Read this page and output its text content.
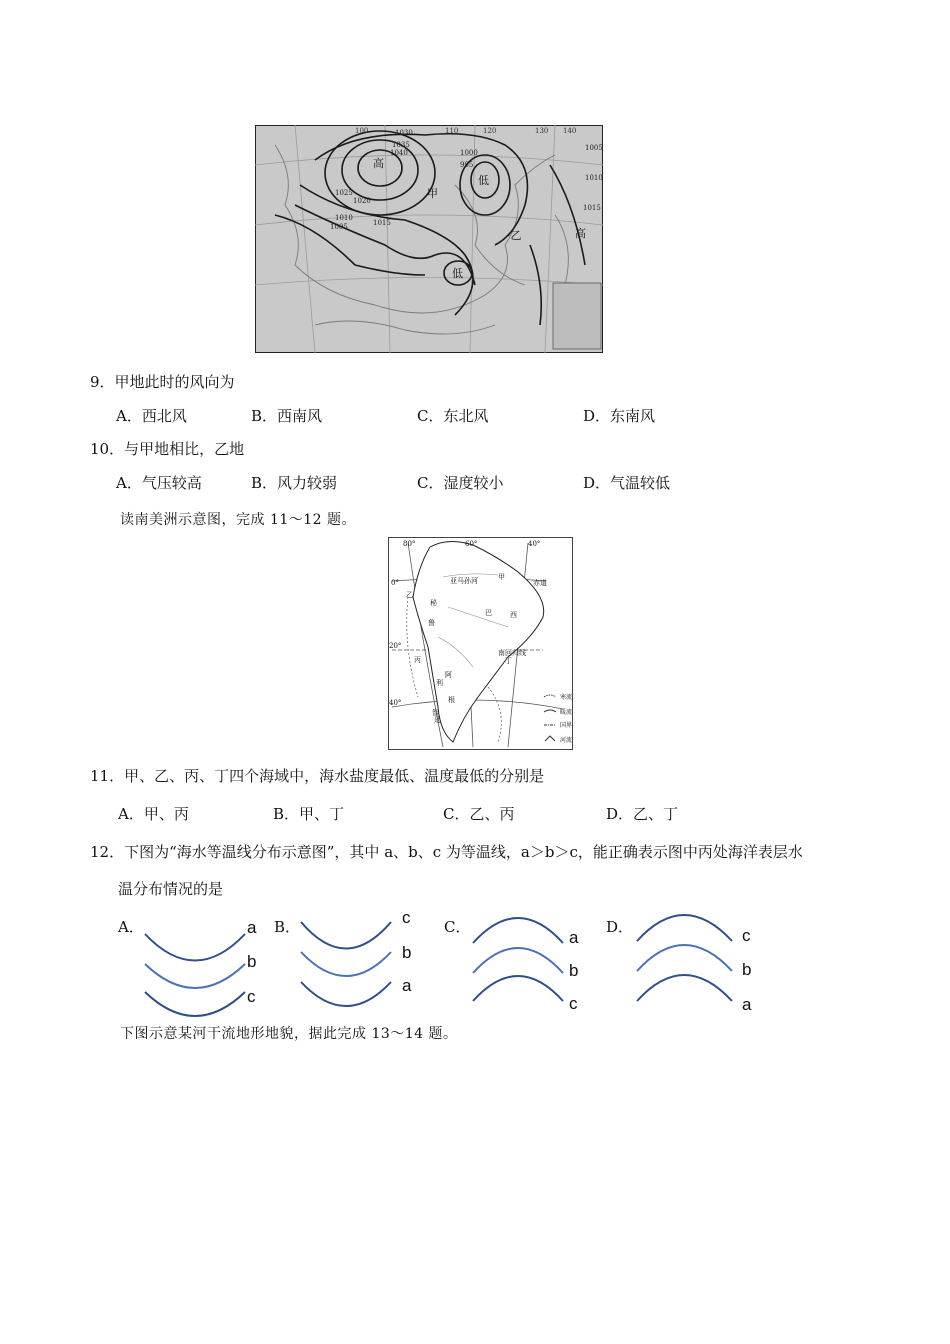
1030
1035
1040
1025
1020
1015
1010
1005
1000
995
1005
1010
1015
100	110	120	130 140
高
低
低
高
甲
·乙
9．甲地此时的风向为
A．西北风	B．西南风	C．东北风	D．东南风
10．与甲地相比，乙地
A．气压较高	B．风力较弱	C．湿度较小	D．气温较低
读南美洲示意图，完成 11～12 题。
80°	60°	40°
0°
20°
40°
甲
乙
丙	丁
亚马孙河	赤道
南回归线
巴	西
秘
鲁
阿
根
廷
智
利
寒流
暖流
国界
河流
11．甲、乙、丙、丁四个海域中，海水盐度最低、温度最低的分别是
A．甲、丙	B．甲、丁	C．乙、丙	D．乙、丁
12．下图为“海水等温线分布示意图”，其中 a、b、c 为等温线，a＞b＞c，能正确表示图中丙处海洋表层水
温分布情况的是
A．	a
b
c
B．	c
b
a
C．
a
b
c
D．	c
b
a
下图示意某河干流地形地貌，据此完成 13～14 题。
